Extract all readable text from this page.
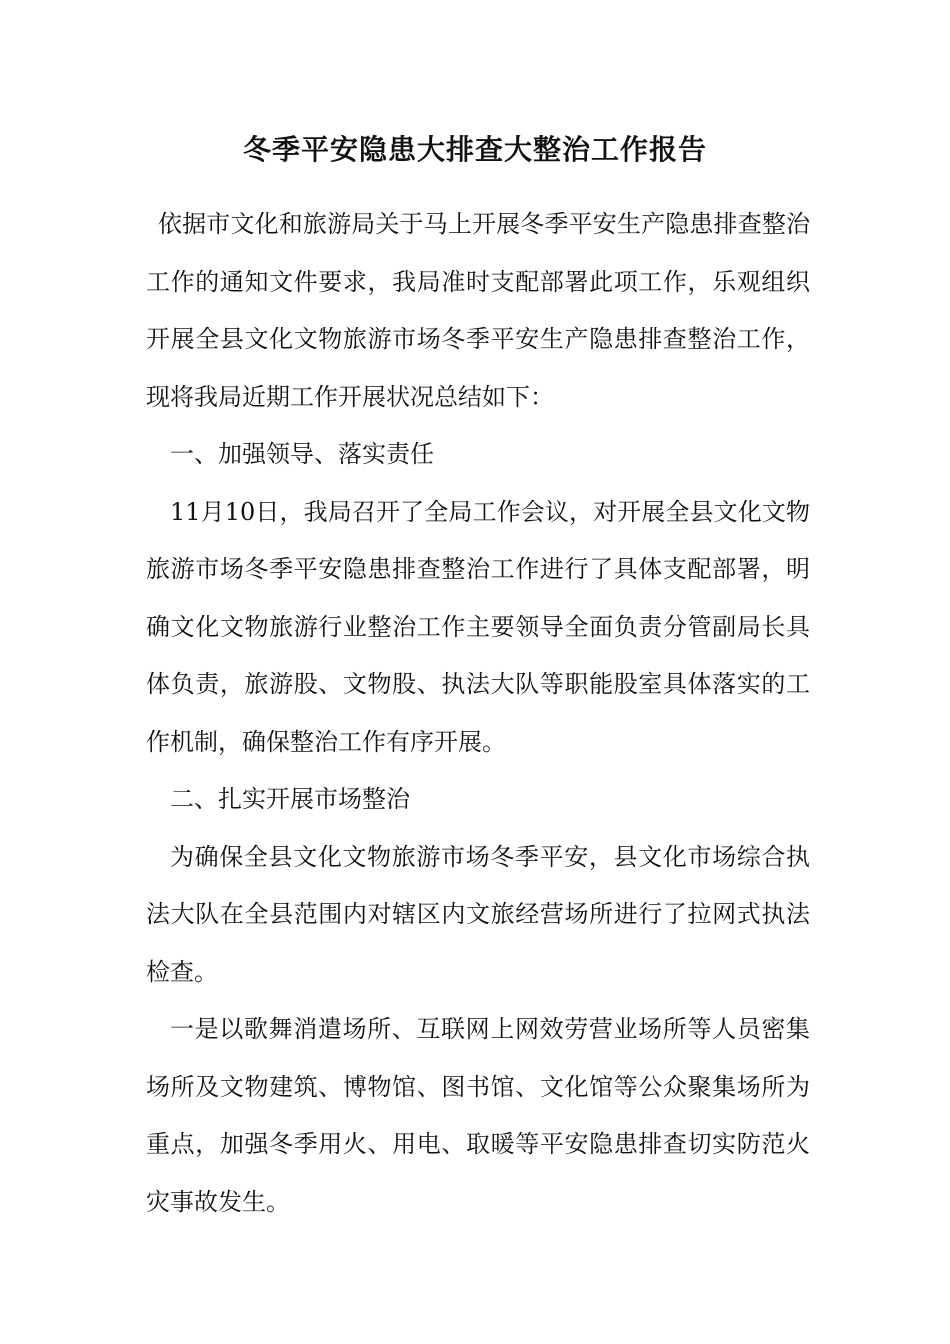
冬季平安隐患大排查大整治工作报告

依据市文化和旅游局关于马上开展冬季平安生产隐患排查整治工作的通知文件要求，我局准时支配部署此项工作，乐观组织开展全县文化文物旅游市场冬季平安生产隐患排查整治工作，现将我局近期工作开展状况总结如下：

一、加强领导、落实责任

11月10日，我局召开了全局工作会议，对开展全县文化文物旅游市场冬季平安隐患排查整治工作进行了具体支配部署，明确文化文物旅游行业整治工作主要领导全面负责分管副局长具体负责，旅游股、文物股、执法大队等职能股室具体落实的工作机制，确保整治工作有序开展。

二、扎实开展市场整治

为确保全县文化文物旅游市场冬季平安，县文化市场综合执法大队在全县范围内对辖区内文旅经营场所进行了拉网式执法检查。

一是以歌舞消遣场所、互联网上网效劳营业场所等人员密集场所及文物建筑、博物馆、图书馆、文化馆等公众聚集场所为重点，加强冬季用火、用电、取暖等平安隐患排查切实防范火灾事故发生。
